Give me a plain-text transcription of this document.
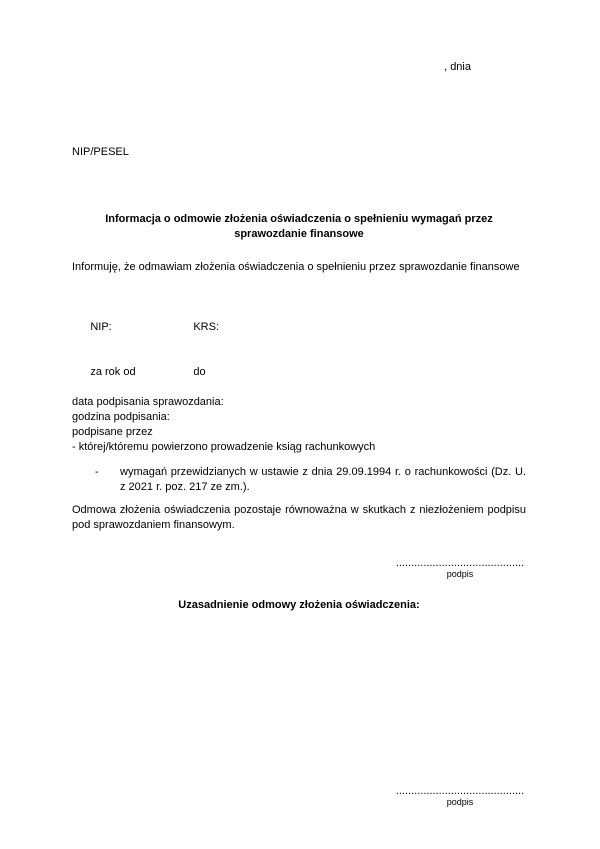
, dnia
NIP/PESEL
Informacja o odmowie złożenia oświadczenia o spełnieniu wymagań przez sprawozdanie finansowe

Informuję, że odmawiam złożenia oświadczenia o spełnieniu przez sprawozdanie finansowe

NIP:	KRS:

za rok od	do

data podpisania sprawozdania:
godzina podpisania:
podpisane przez
- której/któremu powierzono prowadzenie ksiąg rachunkowych
-	wymagań przewidzianych w ustawie z dnia 29.09.1994 r. o rachunkowości (Dz. U. z 2021 r. poz. 217 ze zm.).

Odmowa złożenia oświadczenia pozostaje równoważna w skutkach z niezłożeniem podpisu pod sprawozdaniem finansowym.

..........................................
podpis
Uzasadnienie odmowy złożenia oświadczenia:
..........................................
podpis
